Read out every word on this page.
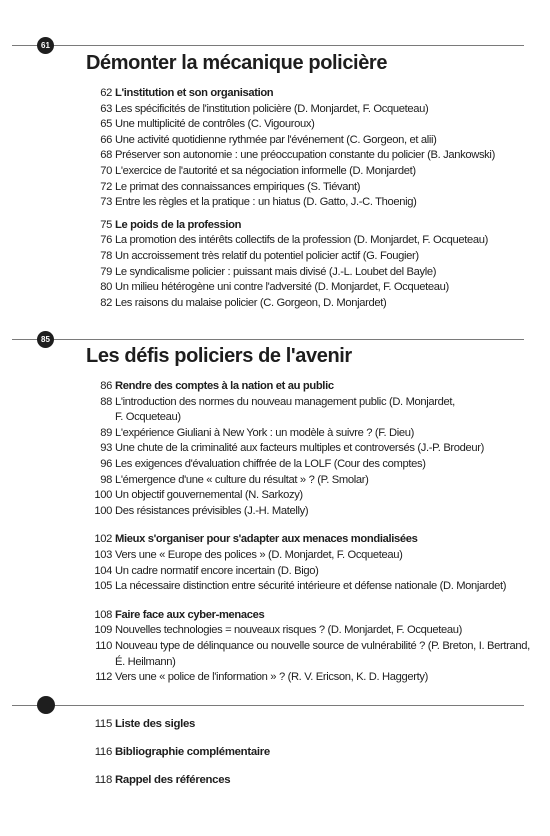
61
Démonter la mécanique policière
62 L'institution et son organisation
63 Les spécificités de l'institution policière (D. Monjardet, F. Ocqueteau)
65 Une multiplicité de contrôles (C. Vigouroux)
66 Une activité quotidienne rythmée par l'événement (C. Gorgeon, et alii)
68 Préserver son autonomie : une préoccupation constante du policier (B. Jankowski)
70 L'exercice de l'autorité et sa négociation informelle (D. Monjardet)
72 Le primat des connaissances empiriques (S. Tiévant)
73 Entre les règles et la pratique : un hiatus (D. Gatto, J.-C. Thoenig)
75 Le poids de la profession
76 La promotion des intérêts collectifs de la profession (D. Monjardet, F. Ocqueteau)
78 Un accroissement très relatif du potentiel policier actif (G. Fougier)
79 Le syndicalisme policier : puissant mais divisé (J.-L. Loubet del Bayle)
80 Un milieu hétérogène uni contre l'adversité (D. Monjardet, F. Ocqueteau)
82 Les raisons du malaise policier (C. Gorgeon, D. Monjardet)
85
Les défis policiers de l'avenir
86 Rendre des comptes à la nation et au public
88 L'introduction des normes du nouveau management public (D. Monjardet,
F. Ocqueteau)
89 L'expérience Giuliani à New York : un modèle à suivre ? (F. Dieu)
93 Une chute de la criminalité aux facteurs multiples et controversés (J.-P. Brodeur)
96 Les exigences d'évaluation chiffrée de la LOLF (Cour des comptes)
98 L'émergence d'une « culture du résultat » ? (P. Smolar)
100 Un objectif gouvernemental (N. Sarkozy)
100 Des résistances prévisibles (J.-H. Matelly)
102 Mieux s'organiser pour s'adapter aux menaces mondialisées
103 Vers une « Europe des polices » (D. Monjardet, F. Ocqueteau)
104 Un cadre normatif encore incertain (D. Bigo)
105 La nécessaire distinction entre sécurité intérieure et défense nationale (D. Monjardet)
108 Faire face aux cyber-menaces
109 Nouvelles technologies = nouveaux risques ? (D. Monjardet, F. Ocqueteau)
110 Nouveau type de délinquance ou nouvelle source de vulnérabilité ? (P. Breton, I. Bertrand,
É. Heilmann)
112 Vers une « police de l'information » ? (R. V. Ericson, K. D. Haggerty)
115 Liste des sigles
116 Bibliographie complémentaire
118 Rappel des références
